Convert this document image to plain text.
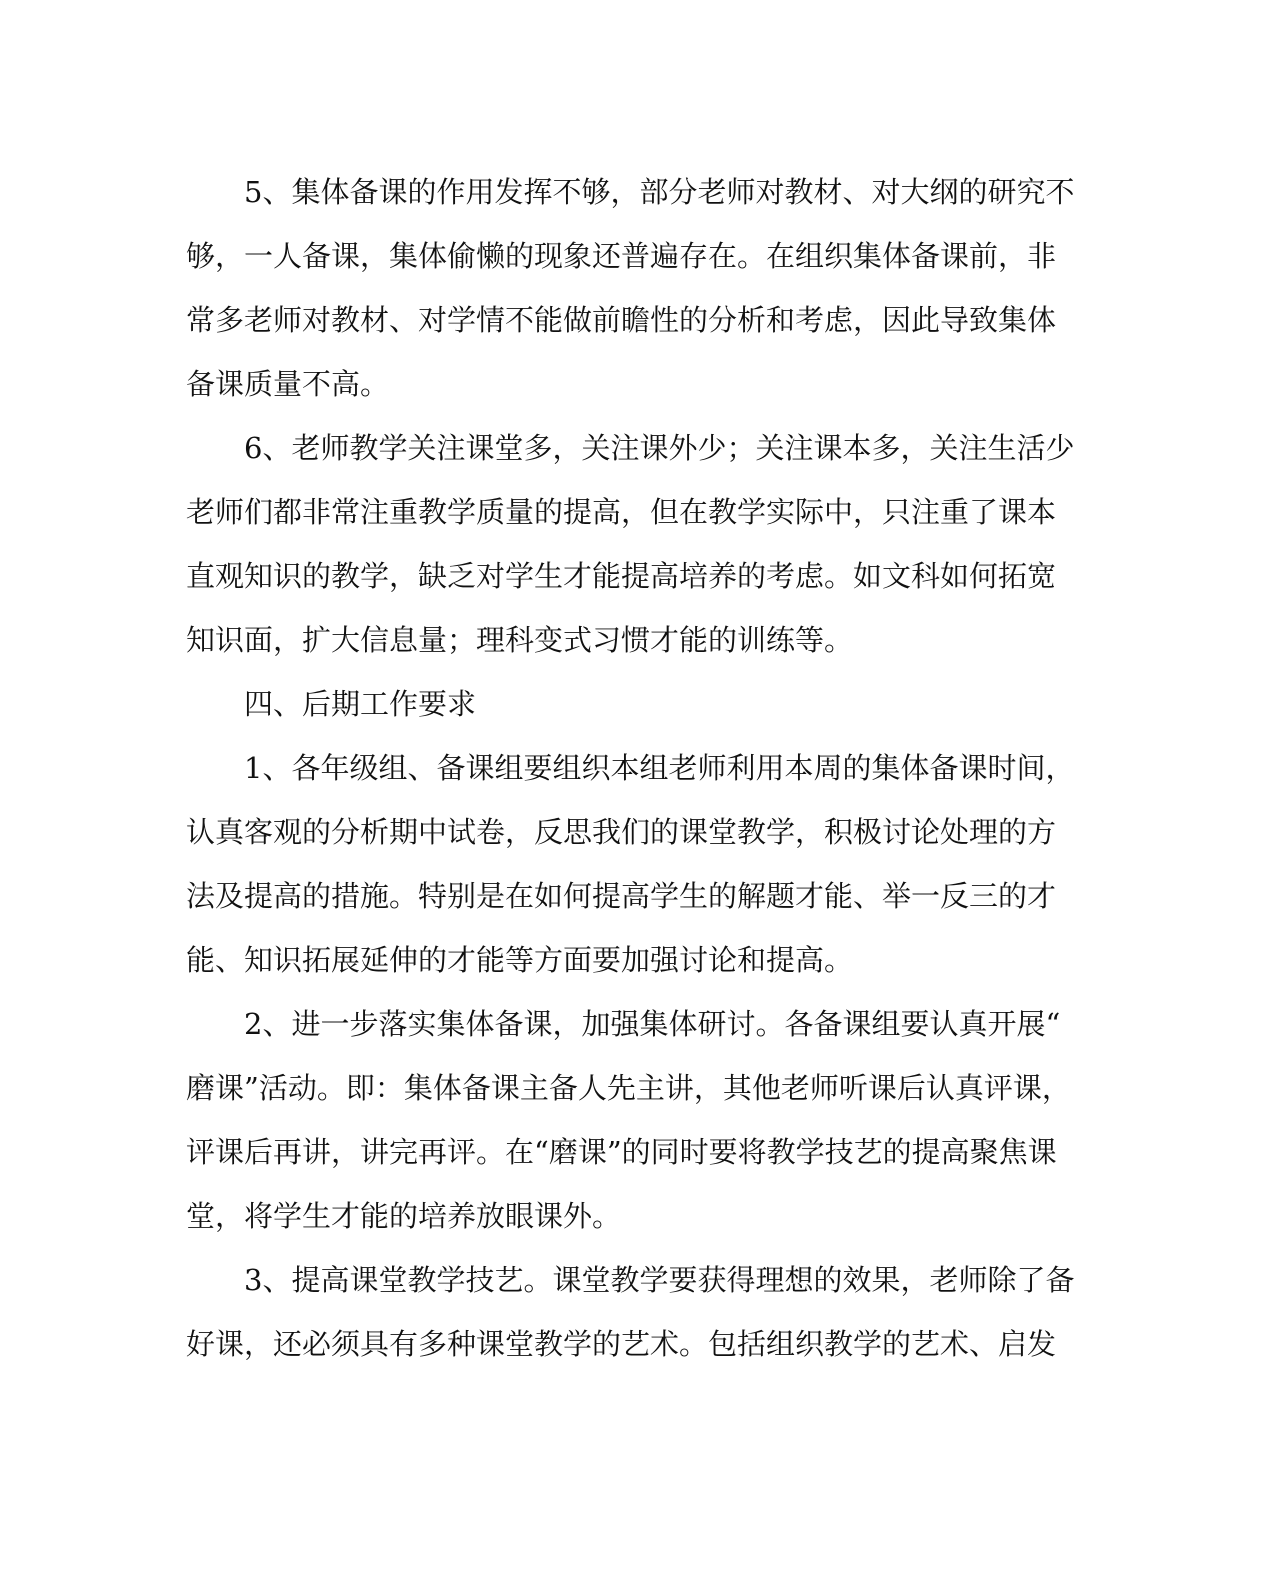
5、集体备课的作用发挥不够，部分老师对教材、对大纲的研究不
够，一人备课，集体偷懒的现象还普遍存在。在组织集体备课前，非
常多老师对教材、对学情不能做前瞻性的分析和考虑，因此导致集体
备课质量不高。
6、老师教学关注课堂多，关注课外少；关注课本多，关注生活少
老师们都非常注重教学质量的提高，但在教学实际中，只注重了课本
直观知识的教学，缺乏对学生才能提高培养的考虑。如文科如何拓宽
知识面，扩大信息量；理科变式习惯才能的训练等。
四、后期工作要求
1、各年级组、备课组要组织本组老师利用本周的集体备课时间，
认真客观的分析期中试卷，反思我们的课堂教学，积极讨论处理的方
法及提高的措施。特别是在如何提高学生的解题才能、举一反三的才
能、知识拓展延伸的才能等方面要加强讨论和提高。
2、进一步落实集体备课，加强集体研讨。各备课组要认真开展“
磨课”活动。即：集体备课主备人先主讲，其他老师听课后认真评课，
评课后再讲，讲完再评。在“磨课”的同时要将教学技艺的提高聚焦课
堂，将学生才能的培养放眼课外。
3、提高课堂教学技艺。课堂教学要获得理想的效果，老师除了备
好课，还必须具有多种课堂教学的艺术。包括组织教学的艺术、启发
